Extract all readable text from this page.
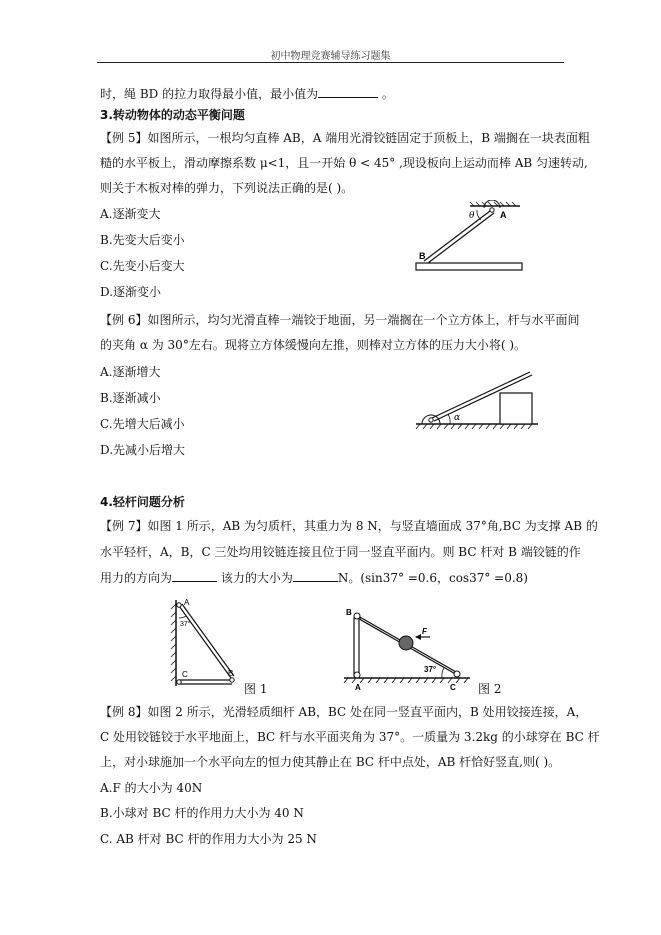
初中物理竞赛辅导练习题集
时，绳 BD 的拉力取得最小值，最小值为	。
3.转动物体的动态平衡问题
【例 5】如图所示，一根均匀直棒 AB，A 端用光滑铰链固定于顶板上，B 端搁在一块表面粗
糙的水平板上，滑动摩擦系数 μ<1，且一开始 θ < 45° ,现设板向上运动而棒 AB 匀速转动,
则关于木板对棒的弹力，下列说法正确的是( )。
A.逐渐变大
B.先变大后变小
C.先变小后变大
D.逐渐变小
θ	A
B
【例 6】如图所示，均匀光滑直棒一端铰于地面，另一端搁在一个立方体上，杆与水平面间
的夹角 α 为 30°左右。现将立方体缓慢向左推，则棒对立方体的压力大小将( )。
A.逐渐增大
B.逐渐减小
C.先增大后减小
D.先减小后增大
α
4.轻杆问题分析
【例 7】如图 1 所示，AB 为匀质杆，其重力为 8 N，与竖直墙面成 37°角,BC 为支撑 AB 的
水平轻杆，A，B，C 三处均用铰链连接且位于同一竖直平面内。则 BC 杆对 B 端铰链的作
用力的方向为	该力的大小为	N。(sin37° =0.6，cos37° =0.8)
A
37°
C	B
图 1
B
A	C
F
37°
图 2
【例 8】如图 2 所示，光滑轻质细杆 AB，BC 处在同一竖直平面内，B 处用铰接连接，A，
C 处用铰链铰于水平地面上，BC 杆与水平面夹角为 37°。一质量为 3.2kg 的小球穿在 BC 杆
上，对小球施加一个水平向左的恒力使其静止在 BC 杆中点处，AB 杆恰好竖直,则( )。
A.F 的大小为 40N
B.小球对 BC 杆的作用力大小为 40 N
C. AB 杆对 BC 杆的作用力大小为 25 N
